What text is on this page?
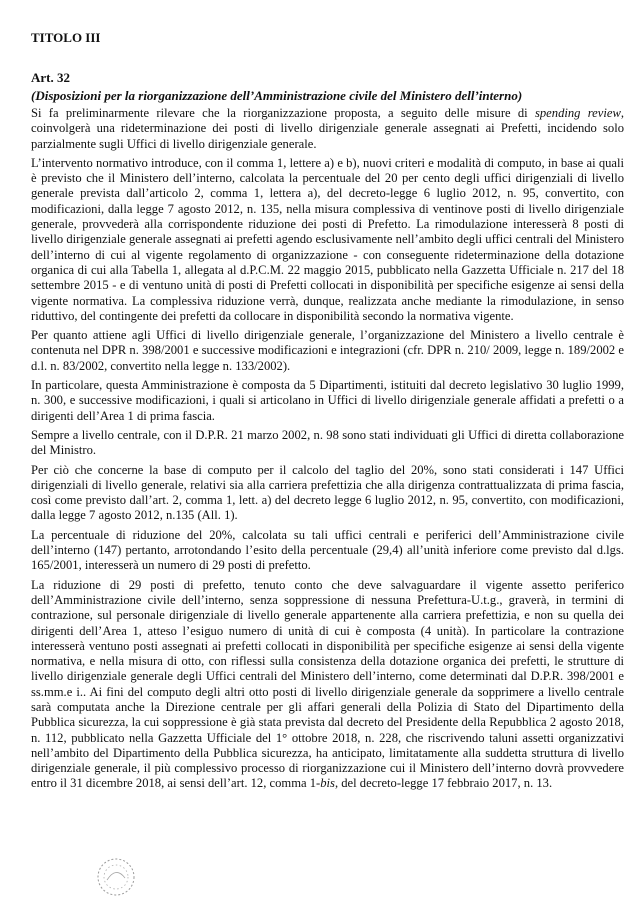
TITOLO III
Art. 32
(Disposizioni per la riorganizzazione dell’Amministrazione civile del Ministero dell’interno)

Si fa preliminarmente rilevare che la riorganizzazione proposta, a seguito delle misure di spending review, coinvolgerà una rideterminazione dei posti di livello dirigenziale generale assegnati ai Prefetti, incidendo solo parzialmente sugli Uffici di livello dirigenziale generale.

L’intervento normativo introduce, con il comma 1, lettere a) e b), nuovi criteri e modalità di computo, in base ai quali è previsto che il Ministero dell’interno, calcolata la percentuale del 20 per cento degli uffici dirigenziali di livello generale prevista dall’articolo 2, comma 1, lettera a), del decreto-legge 6 luglio 2012, n. 95, convertito, con modificazioni, dalla legge 7 agosto 2012, n. 135, nella misura complessiva di ventinove posti di livello dirigenziale generale, provvederà alla corrispondente riduzione dei posti di Prefetto. La rimodulazione interesserà 8 posti di livello dirigenziale generale assegnati ai prefetti agendo esclusivamente nell’ambito degli uffici centrali del Ministero dell’interno di cui al vigente regolamento di organizzazione - con conseguente rideterminazione della dotazione organica di cui alla Tabella 1, allegata al d.P.C.M. 22 maggio 2015, pubblicato nella Gazzetta Ufficiale n. 217 del 18 settembre 2015 - e di ventuno unità di posti di Prefetti collocati in disponibilità per specifiche esigenze ai sensi della vigente normativa. La complessiva riduzione verrà, dunque, realizzata anche mediante la rimodulazione, in senso riduttivo, del contingente dei prefetti da collocare in disponibilità secondo la normativa vigente.

Per quanto attiene agli Uffici di livello dirigenziale generale, l’organizzazione del Ministero a livello centrale è contenuta nel DPR n. 398/2001 e successive modificazioni e integrazioni (cfr. DPR n. 210/ 2009, legge n. 189/2002 e d.l. n. 83/2002, convertito nella legge n. 133/2002).

In particolare, questa Amministrazione è composta da 5 Dipartimenti, istituiti dal decreto legislativo 30 luglio 1999, n. 300, e successive modificazioni, i quali si articolano in Uffici di livello dirigenziale generale affidati a prefetti o a dirigenti dell’Area 1 di prima fascia.

Sempre a livello centrale, con il D.P.R. 21 marzo 2002, n. 98 sono stati individuati gli Uffici di diretta collaborazione del Ministro.

Per ciò che concerne la base di computo per il calcolo del taglio del 20%, sono stati considerati i 147 Uffici dirigenziali di livello generale, relativi sia alla carriera prefettizia che alla dirigenza contrattualizzata di prima fascia, così come previsto dall’art. 2, comma 1, lett. a) del decreto legge 6 luglio 2012, n. 95, convertito, con modificazioni, dalla legge 7 agosto 2012, n.135 (All. 1).

La percentuale di riduzione del 20%, calcolata su tali uffici centrali e periferici dell’Amministrazione civile dell’interno (147) pertanto, arrotondando l’esito della percentuale (29,4) all’unità inferiore come previsto dal d.lgs. 165/2001, interesserà un numero di 29 posti di prefetto.

La riduzione di 29 posti di prefetto, tenuto conto che deve salvaguardare il vigente assetto periferico dell’Amministrazione civile dell’interno, senza soppressione di nessuna Prefettura-U.t.g., graverà, in termini di contrazione, sul personale dirigenziale di livello generale appartenente alla carriera prefettizia, e non su quella dei dirigenti dell’Area 1, atteso l’esiguo numero di unità di cui è composta (4 unità). In particolare la contrazione interesserà ventuno posti assegnati ai prefetti collocati in disponibilità per specifiche esigenze ai sensi della vigente normativa, e nella misura di otto, con riflessi sulla consistenza della dotazione organica dei prefetti, le strutture di livello dirigenziale generale degli Uffici centrali del Ministero dell’interno, come determinati dal D.P.R. 398/2001 e ss.mm.e i.. Ai fini del computo degli altri otto posti di livello dirigenziale generale da sopprimere a livello centrale sarà computata anche la Direzione centrale per gli affari generali della Polizia di Stato del Dipartimento della Pubblica sicurezza, la cui soppressione è già stata prevista dal decreto del Presidente della Repubblica 2 agosto 2018, n. 112, pubblicato nella Gazzetta Ufficiale del 1° ottobre 2018, n. 228, che riscrivendo taluni assetti organizzativi nell’ambito del Dipartimento della Pubblica sicurezza, ha anticipato, limitatamente alla suddetta struttura di livello dirigenziale generale, il più complessivo processo di riorganizzazione cui il Ministero dell’interno dovrà provvedere entro il 31 dicembre 2018, ai sensi dell’art. 12, comma 1-bis, del decreto-legge 17 febbraio 2017, n. 13.
